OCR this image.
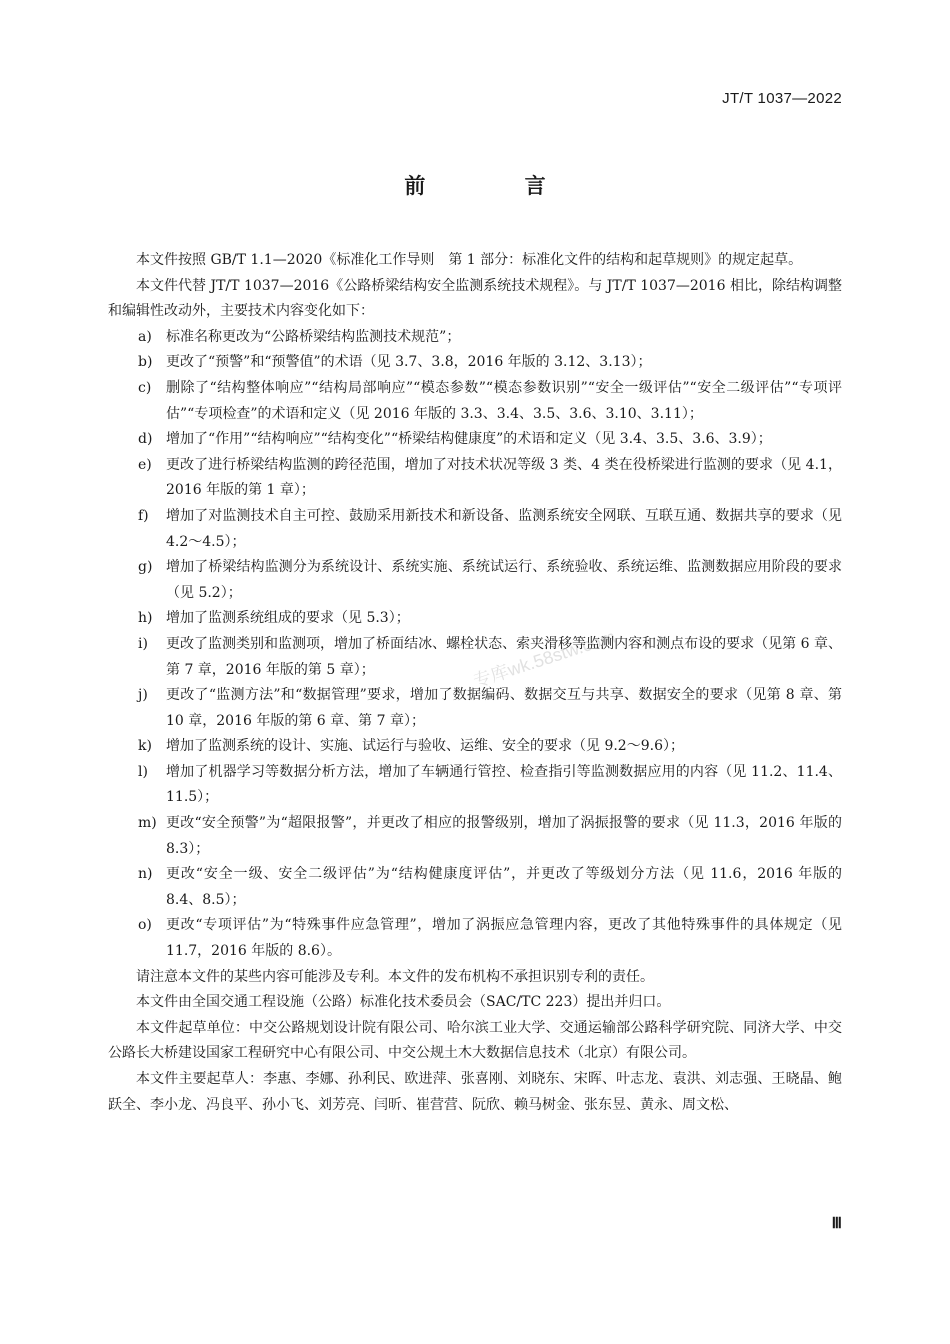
JT/T 1037—2022
前 言
专库wk.58stw.com
本文件按照 GB/T 1.1—2020《标准化工作导则　第 1 部分：标准化文件的结构和起草规则》的规定起草。
本文件代替 JT/T 1037—2016《公路桥梁结构安全监测系统技术规程》。与 JT/T 1037—2016 相比，除结构调整和编辑性改动外，主要技术内容变化如下：
a)	标准名称更改为“公路桥梁结构监测技术规范”；
b) 更改了“预警”和“预警值”的术语（见 3.7、3.8，2016 年版的 3.12、3.13）；
c)	删除了“结构整体响应”“结构局部响应”“模态参数”“模态参数识别”“安全一级评估”“安全二级评估”“专项评估”“专项检查”的术语和定义（见 2016 年版的 3.3、3.4、3.5、3.6、3.10、3.11）；
d) 增加了“作用”“结构响应”“结构变化”“桥梁结构健康度”的术语和定义（见 3.4、3.5、3.6、3.9）；
e)	更改了进行桥梁结构监测的跨径范围，增加了对技术状况等级 3 类、4 类在役桥梁进行监测的要求（见 4.1，2016 年版的第 1 章）；
f)	增加了对监测技术自主可控、鼓励采用新技术和新设备、监测系统安全网联、互联互通、数据共享的要求（见 4.2～4.5）；
g) 增加了桥梁结构监测分为系统设计、系统实施、系统试运行、系统验收、系统运维、监测数据应用阶段的要求（见 5.2）；
h) 增加了监测系统组成的要求（见 5.3）；
i)	更改了监测类别和监测项，增加了桥面结冰、螺栓状态、索夹滑移等监测内容和测点布设的要求（见第 6 章、第 7 章，2016 年版的第 5 章）；
j)	更改了“监测方法”和“数据管理”要求，增加了数据编码、数据交互与共享、数据安全的要求（见第 8 章、第 10 章，2016 年版的第 6 章、第 7 章）；
k)	增加了监测系统的设计、实施、试运行与验收、运维、安全的要求（见 9.2～9.6）；
l)	增加了机器学习等数据分析方法，增加了车辆通行管控、检查指引等监测数据应用的内容（见 11.2、11.4、11.5）；
m) 更改“安全预警”为“超限报警”，并更改了相应的报警级别，增加了涡振报警的要求（见 11.3，2016 年版的 8.3）；
n) 更改“安全一级、安全二级评估”为“结构健康度评估”，并更改了等级划分方法（见 11.6，2016 年版的 8.4、8.5）；
o)	更改“专项评估”为“特殊事件应急管理”，增加了涡振应急管理内容，更改了其他特殊事件的具体规定（见 11.7，2016 年版的 8.6）。
请注意本文件的某些内容可能涉及专利。本文件的发布机构不承担识别专利的责任。
本文件由全国交通工程设施（公路）标准化技术委员会（SAC/TC 223）提出并归口。
本文件起草单位：中交公路规划设计院有限公司、哈尔滨工业大学、交通运输部公路科学研究院、同济大学、中交公路长大桥建设国家工程研究中心有限公司、中交公规土木大数据信息技术（北京）有限公司。
本文件主要起草人：李惠、李娜、孙利民、欧进萍、张喜刚、刘晓东、宋晖、叶志龙、袁洪、刘志强、王晓晶、鲍跃全、李小龙、冯良平、孙小飞、刘芳亮、闫昕、崔营营、阮欣、赖马树金、张东昱、黄永、周文松、
Ⅲ
